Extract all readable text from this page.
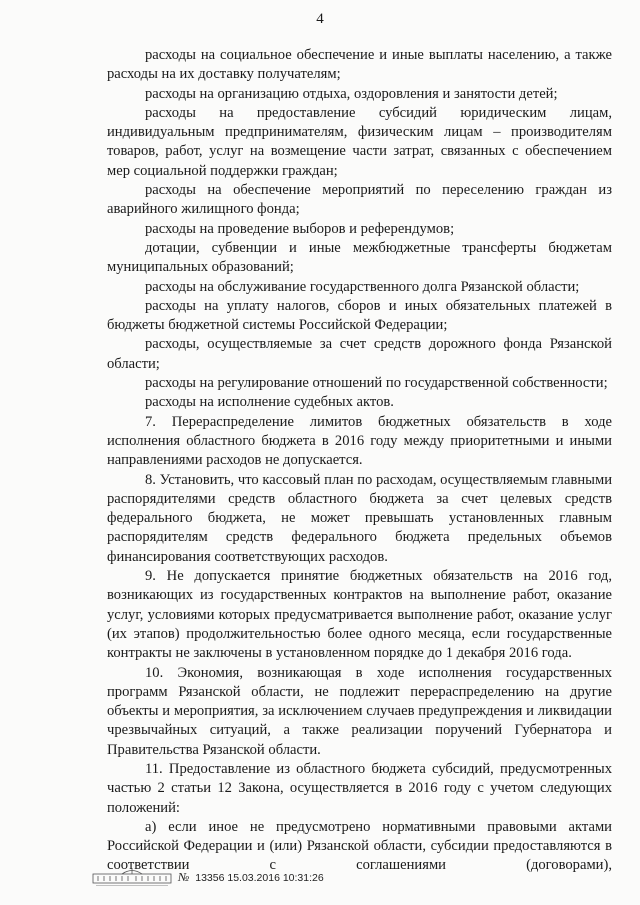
4

расходы на социальное обеспечение и иные выплаты населению, а также расходы на их доставку получателям;

расходы на организацию отдыха, оздоровления и занятости детей;

расходы на предоставление субсидий юридическим лицам, индивидуальным предпринимателям, физическим лицам – производителям товаров, работ, услуг на возмещение части затрат, связанных с обеспечением мер социальной поддержки граждан;

расходы на обеспечение мероприятий по переселению граждан из аварийного жилищного фонда;

расходы на проведение выборов и референдумов;

дотации, субвенции и иные межбюджетные трансферты бюджетам муниципальных образований;

расходы на обслуживание государственного долга Рязанской области;

расходы на уплату налогов, сборов и иных обязательных платежей в бюджеты бюджетной системы Российской Федерации;

расходы, осуществляемые за счет средств дорожного фонда Рязанской области;

расходы на регулирование отношений по государственной собственности;

расходы на исполнение судебных актов.

7. Перераспределение лимитов бюджетных обязательств в ходе исполнения областного бюджета в 2016 году между приоритетными и иными направлениями расходов не допускается.

8. Установить, что кассовый план по расходам, осуществляемым главными распорядителями средств областного бюджета за счет целевых средств федерального бюджета, не может превышать установленных главным распорядителям средств федерального бюджета предельных объемов финансирования соответствующих расходов.

9. Не допускается принятие бюджетных обязательств на 2016 год, возникающих из государственных контрактов на выполнение работ, оказание услуг, условиями которых предусматривается выполнение работ, оказание услуг (их этапов) продолжительностью более одного месяца, если государственные контракты не заключены в установленном порядке до 1 декабря 2016 года.

10. Экономия, возникающая в ходе исполнения государственных программ Рязанской области, не подлежит перераспределению на другие объекты и мероприятия, за исключением случаев предупреждения и ликвидации чрезвычайных ситуаций, а также реализации поручений Губернатора и Правительства Рязанской области.

11. Предоставление из областного бюджета субсидий, предусмотренных частью 2 статьи 12 Закона, осуществляется в 2016 году с учетом следующих положений:

а) если иное не предусмотрено нормативными правовыми актами Российской Федерации и (или) Рязанской области, субсидии предоставляются в соответствии с соглашениями (договорами),

№ 13356 15.03.2016 10:31:26
